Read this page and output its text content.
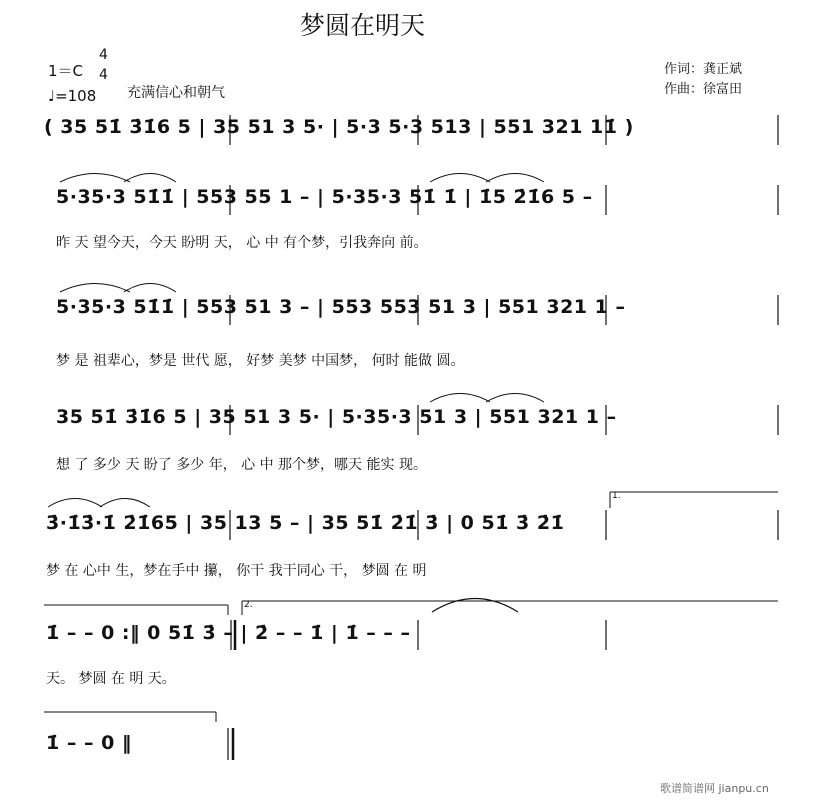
梦圆在明天
1＝C
4
4
♩=108 充满信心和朝气
作词：龚正斌
作曲：徐富田
1.
2.
( 35 51̇ 3̇1̇6 5 | 35 51 3 5· | 5·3 5·3 513 | 551 321 11̇ )
5·35·3 51̇1̇ | 553 55 1 – | 5·35·3 51̇ 1̇ | 1̇5 2̇1̇6 5 –
昨 天 望今天，今天 盼明 天， 心 中 有个梦，引我奔向 前。
5·35·3 51̇1̇ | 553 51 3 – | 553 553 51 3 | 551 321 1 –
梦 是 祖辈心，梦是 世代 愿， 好梦 美梦 中国梦， 何时 能做 圆。
35 51̇ 3̇1̇6 5 | 35 51 3 5· | 5·35·3 51 3 | 551 321 1 –
想 了 多少 天 盼了 多少 年， 心 中 那个梦，哪天 能实 现。
3̇·1̇3̇·1̇ 2̇1̇65 | 35 13 5 – | 35 51̇ 2̇1̇ 3̇ | 0 51̇ 3̇ 2̇1̇
梦 在 心中 生，梦在手中 攥， 你干 我干同心 干， 梦圆 在 明
1̇ – – 0 :‖ 0 51̇ 3̇ – | 2̇ – – 1̇ | 1̇ – – –
天。 梦圆 在 明 天。
1̇ – – 0 ‖
歌谱简谱网 jianpu.cn
